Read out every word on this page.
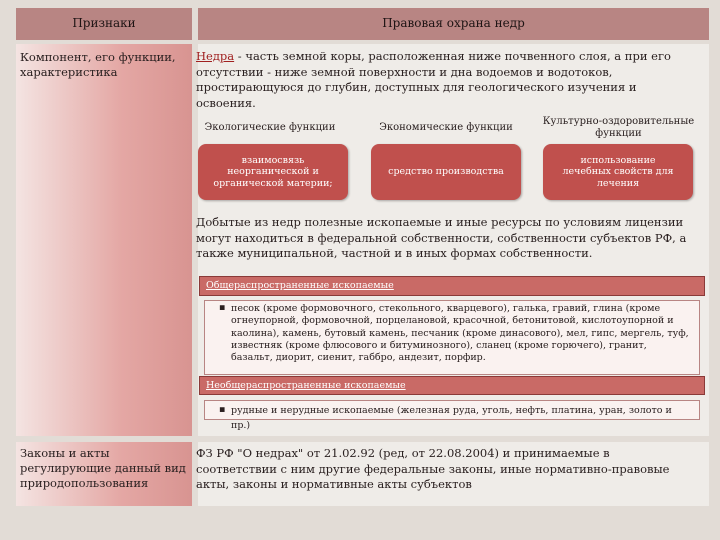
Признаки	Правовая охрана недр
Компонент, его функции, характеристика
Недра - часть земной коры, расположенная ниже почвенного слоя, а при его отсутствии - ниже земной поверхности и дна водоемов и водотоков, простирающуюся до глубин, доступных для геологического изучения и освоения.
Экологические функции	Экономические функции
Культурно-оздоровительные функции
взаимосвязь неорганической и органической материи;
средство производства
использование лечебных свойств для лечения
Добытые из недр полезные ископаемые и иные ресурсы по условиям лицензии могут находиться в федеральной собственности, собственности субъектов РФ, а также муниципальной, частной и в иных формах собственности.
Общераспространенные ископаемые
▪ песок (кроме формовочного, стекольного, кварцевого), галька, гравий, глина (кроме огнеупорной, формовочной, порцелановой, красочной, бетонитовой, кислотоупорной и каолина), камень, бутовый камень, песчаник (кроме динасового), мел, гипс, мергель, туф, известняк (кроме флюсового и битуминозного), сланец (кроме горючего), гранит, базальт, диорит, сиенит, габбро, андезит, порфир.
Необщераспространенные ископаемые
▪ рудные и нерудные ископаемые (железная руда, уголь, нефть, платина, уран, золото и пр.)
Законы и акты регулирующие данный вид природопользования
ФЗ РФ "О недрах" от 21.02.92 (ред, от 22.08.2004) и принимаемые в соответствии с ним другие федеральные законы, иные нормативно-правовые акты, законы и нормативные акты субъектов
